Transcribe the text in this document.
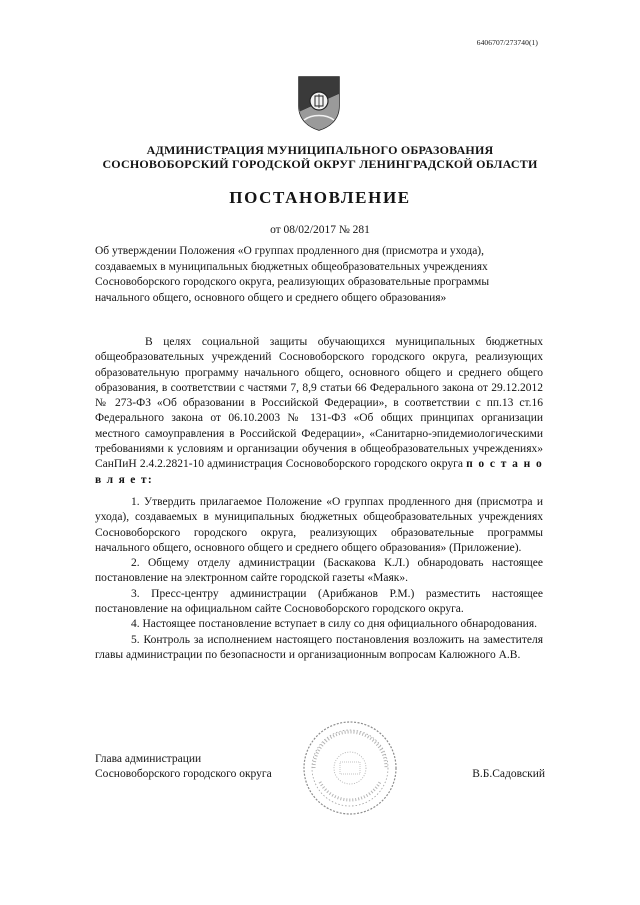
6406707/273740(1)
АДМИНИСТРАЦИЯ МУНИЦИПАЛЬНОГО ОБРАЗОВАНИЯ
СОСНОВОБОРСКИЙ ГОРОДСКОЙ ОКРУГ ЛЕНИНГРАДСКОЙ ОБЛАСТИ
ПОСТАНОВЛЕНИЕ
от 08/02/2017 № 281
Об утверждении Положения «О группах продленного дня (присмотра и ухода),
создаваемых в муниципальных бюджетных общеобразовательных учреждениях
Сосновоборского городского округа, реализующих образовательные программы
начального общего, основного общего и среднего общего образования»
В целях социальной защиты обучающихся муниципальных бюджетных общеобразовательных учреждений Сосновоборского городского округа, реализующих образовательную программу начального общего, основного общего и среднего общего образования, в соответствии с частями 7, 8,9 статьи 66 Федерального закона от 29.12.2012 № 273-ФЗ «Об образовании в Российской Федерации», в соответствии с пп.13 ст.16 Федерального закона от 06.10.2003 № 131-ФЗ «Об общих принципах организации местного самоуправления в Российской Федерации», «Санитарно-эпидемиологическими требованиями к условиям и организации обучения в общеобразовательных учреждениях» СанПиН 2.4.2.2821-10 администрация Сосновоборского городского округа п о с т а н о в л я е т:
1. Утвердить прилагаемое Положение «О группах продленного дня (присмотра и ухода), создаваемых в муниципальных бюджетных общеобразовательных учреждениях Сосновоборского городского округа, реализующих образовательные программы начального общего, основного общего и среднего общего образования» (Приложение).
2. Общему отделу администрации (Баскакова К.Л.) обнародовать настоящее постановление на электронном сайте городской газеты «Маяк».
3. Пресс-центру администрации (Арибжанов Р.М.) разместить настоящее постановление на официальном сайте Сосновоборского городского округа.
4. Настоящее постановление вступает в силу со дня официального обнародования.
5. Контроль за исполнением настоящего постановления возложить на заместителя главы администрации по безопасности и организационным вопросам Калюжного А.В.
Глава администрации
Сосновоборского городского округа	В.Б.Садовский
